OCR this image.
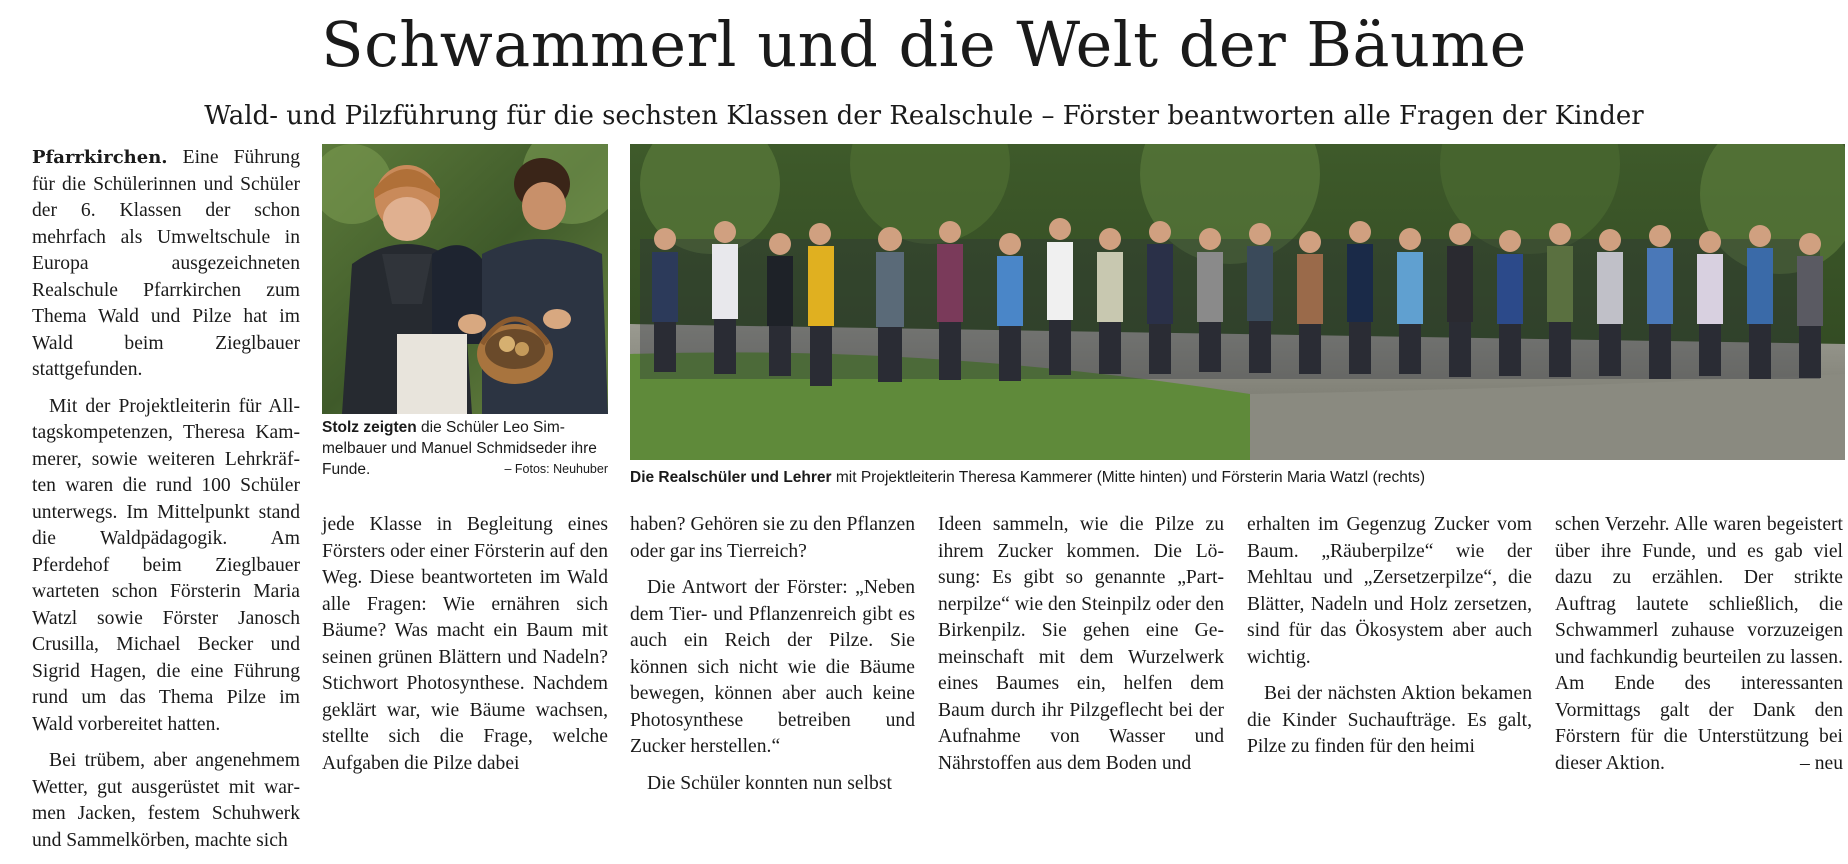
Schwammerl und die Welt der Bäume
Wald- und Pilzführung für die sechsten Klassen der Realschule – Förster beantworten alle Fragen der Kinder

Pfarrkirchen. Eine Führung für die Schülerinnen und Schüler der 6. Klassen der schon mehrfach als Umweltschule in Europa ausgezeichneten Realschule Pfarrkirchen zum Thema Wald und Pilze hat im Wald beim Zieglbauer stattgefunden.

Mit der Projektleiterin für Alltagskompetenzen, Theresa Kammerer, sowie weiteren Lehrkräften waren die rund 100 Schüler unterwegs. Im Mittelpunkt stand die Waldpädagogik. Am Pferdehof beim Zieglbauer warteten schon Försterin Maria Watzl sowie Förster Janosch Crusilla, Michael Becker und Sigrid Hagen, die eine Führung rund um das Thema Pilze im Wald vorbereitet hatten.

Bei trübem, aber angenehmem Wetter, gut ausgerüstet mit warmen Jacken, festem Schuhwerk und Sammelkörben, machte sich

Stolz zeigten die Schüler Leo Simmelbauer und Manuel Schmidseder ihre Funde.	– Fotos: Neuhuber Die Realschüler und Lehrer mit Projektleiterin Theresa Kammerer (Mitte hinten) und Försterin Maria Watzl (rechts)

jede Klasse in Begleitung eines Försters oder einer Försterin auf den Weg. Diese beantworteten im Wald alle Fragen: Wie ernähren sich Bäume? Was macht ein Baum mit seinen grünen Blättern und Nadeln? Stichwort Photosynthese. Nachdem geklärt war, wie Bäume wachsen, stellte sich die Frage, welche Aufgaben die Pilze dabei

haben? Gehören sie zu den Pflanzen oder gar ins Tierreich?

Die Antwort der Förster: „Neben dem Tier- und Pflanzenreich gibt es auch ein Reich der Pilze. Sie können sich nicht wie die Bäume bewegen, können aber auch keine Photosynthese betreiben und Zucker herstellen.“

Die Schüler konnten nun selbst

Ideen sammeln, wie die Pilze zu ihrem Zucker kommen. Die Lösung: Es gibt so genannte „Partnerpilze“ wie den Steinpilz oder den Birkenpilz. Sie gehen eine Gemeinschaft mit dem Wurzelwerk eines Baumes ein, helfen dem Baum durch ihr Pilzgeflecht bei der Aufnahme von Wasser und Nährstoffen aus dem Boden und

erhalten im Gegenzug Zucker vom Baum. „Räuberpilze“ wie der Mehltau und „Zersetzerpilze“, die Blätter, Nadeln und Holz zersetzen, sind für das Ökosystem aber auch wichtig.

Bei der nächsten Aktion bekamen die Kinder Suchaufträge. Es galt, Pilze zu finden für den heimi

schen Verzehr. Alle waren begeistert über ihre Funde, und es gab viel dazu zu erzählen. Der strikte Auftrag lautete schließlich, die Schwammerl zuhause vorzuzeigen und fachkundig beurteilen zu lassen. Am Ende des interessanten Vormittags galt der Dank den Förstern für die Unterstützung bei dieser Aktion.	– neu
